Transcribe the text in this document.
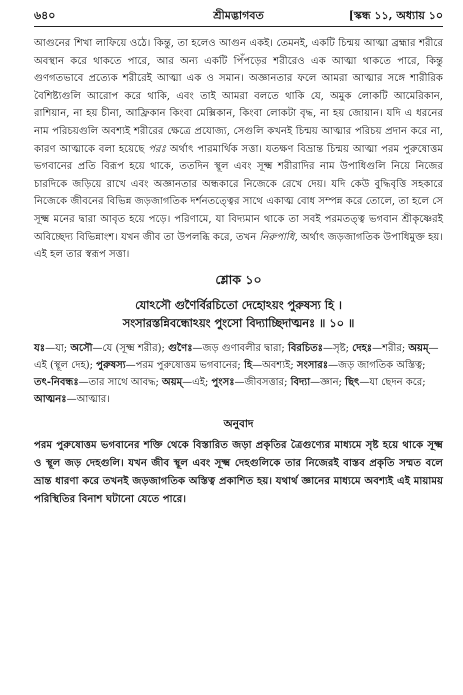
৬৪০	শ্রীমদ্ভাগবত	[স্কন্ধ ১১, অধ্যায় ১০

আগুনের শিখা লাফিয়ে ওঠে। কিন্তু, তা হলেও আগুন একই। তেমনই, একটি চিন্ময় আত্মা ব্রহ্মার শরীরে অবস্থান করে থাকতে পারে, আর অন্য একটি পিঁপড়ের শরীরেও এক আত্মা থাকতে পারে, কিন্তু গুণগতভাবে প্রত্যেক শরীরেই আত্মা এক ও সমান। অজ্ঞানতার ফলে আমরা আত্মার সঙ্গে শারীরিক বৈশিষ্ট্যগুলি আরোপ করে থাকি, এবং তাই আমরা বলতে থাকি যে, অমুক লোকটি আমেরিকান, রাশিয়ান, না হয় চীনা, আফ্রিকান কিংবা মেক্সিকান, কিংবা লোকটা বৃদ্ধ, না হয় জোয়ান। যদি এ ধরনের নাম পরিচয়গুলি অবশ্যই শরীরের ক্ষেত্রে প্রযোজ্য, সেগুলি কখনই চিন্ময় আত্মার পরিচয় প্রদান করে না, কারণ আত্মাকে বলা হয়েছে পরঃ অর্থাৎ পারমার্থিক সত্তা। যতক্ষণ বিভ্রান্ত চিন্ময় আত্মা পরম পুরুষোত্তম ভগবানের প্রতি বিরূপ হয়ে থাকে, ততদিন স্থূল এবং সূক্ষ্ম শরীরাদির নাম উপাধিগুলি নিয়ে নিজের চারদিকে জড়িয়ে রাখে এবং অজ্ঞানতার অন্ধকারে নিজেকে রেখে দেয়। যদি কেউ বুদ্ধিবৃত্তি সহকারে নিজেকে জীবনের বিভিন্ন জড়জাগতিক দর্শনতত্ত্বের সাথে একাত্ম বোধ সম্পন্ন করে তোলে, তা হলে সে সূক্ষ্ম মনের দ্বারা আবৃত হয়ে পড়ে। পরিণামে, যা বিদ্যমান থাকে তা সবই পরমতত্ত্ব ভগবান শ্রীকৃষ্ণেরই অবিচ্ছেদ্য বিভিন্নাংশ। যখন জীব তা উপলব্ধি করে, তখন নিরুপাধি, অর্থাৎ জড়জাগতিক উপাধিমুক্ত হয়। এই হল তার স্বরূপ সত্তা।

শ্লোক ১০

যোঽসৌ গুণৈর্বিরচিতো দেহোঽয়ং পুরুষস্য হি ।

সংসারস্তন্নিবন্ধোঽয়ং পুংসো বিদ্যাচ্ছিদাত্মনঃ ॥ ১০ ॥

যঃ—যা; অসৌ—যে (সূক্ষ্ম শরীর); গুণৈঃ—জড় গুণাবলীর দ্বারা; বিরচিতঃ—সৃষ্ট; দেহঃ—শরীর; অয়ম্—এই (স্থূল দেহ); পুরুষস্য—পরম পুরুষোত্তম ভগবানের; হি—অবশ্যই; সংসারঃ—জড় জাগতিক অস্তিত্ব; তৎ-নিবন্ধঃ—তার সাথে আবদ্ধ; অয়ম্—এই; পুংসঃ—জীবসত্তার; বিদ্যা—জ্ঞান; ছিৎ—যা ছেদন করে; আত্মনঃ—আত্মার।

অনুবাদ

পরম পুরুষোত্তম ভগবানের শক্তি থেকে বিস্তারিত জড়া প্রকৃতির ত্রৈগুণ্যের মাধ্যমে সৃষ্ট হয়ে থাকে সূক্ষ্ম ও স্থূল জড় দেহগুলি। যখন জীব স্থূল এবং সূক্ষ্ম দেহগুলিকে তার নিজেরই বাস্তব প্রকৃতি সম্মত বলে ভ্রান্ত ধারণা করে তখনই জড়জাগতিক অস্তিত্ব প্রকাশিত হয়। যথার্থ জ্ঞানের মাধ্যমে অবশ্যই এই মায়াময় পরিস্থিতির বিনাশ ঘটানো যেতে পারে।
